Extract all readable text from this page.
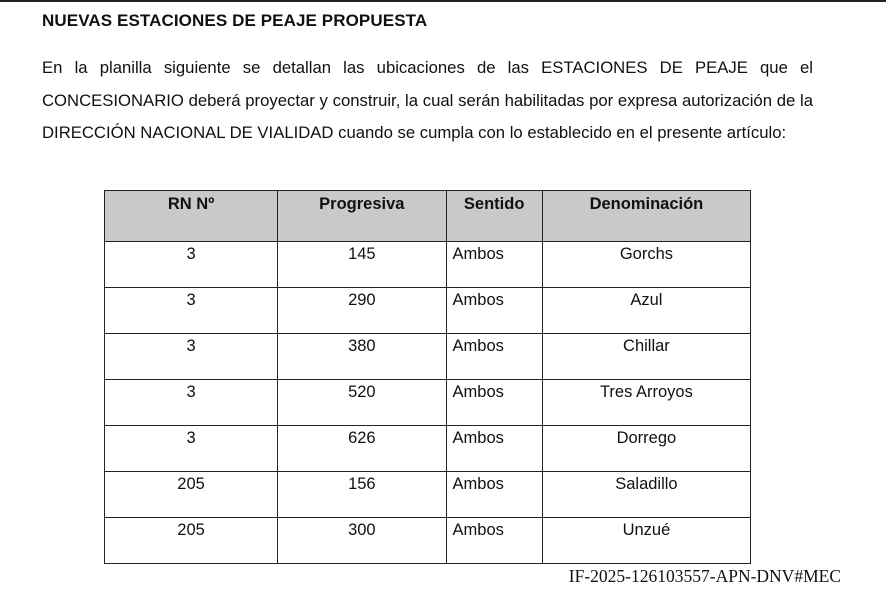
NUEVAS ESTACIONES DE PEAJE PROPUESTA
En la planilla siguiente se detallan las ubicaciones de las ESTACIONES DE PEAJE que el CONCESIONARIO deberá proyectar y construir, la cual serán habilitadas por expresa autorización de la DIRECCIÓN NACIONAL DE VIALIDAD cuando se cumpla con lo establecido en el presente artículo:
RN Nº	Progresiva	Sentido	Denominación
3	145	Ambos	Gorchs
3	290	Ambos	Azul
3	380	Ambos	Chillar
3	520	Ambos	Tres Arroyos
3	626	Ambos	Dorrego
205	156	Ambos	Saladillo
205	300	Ambos	Unzué
IF-2025-126103557-APN-DNV#MEC
